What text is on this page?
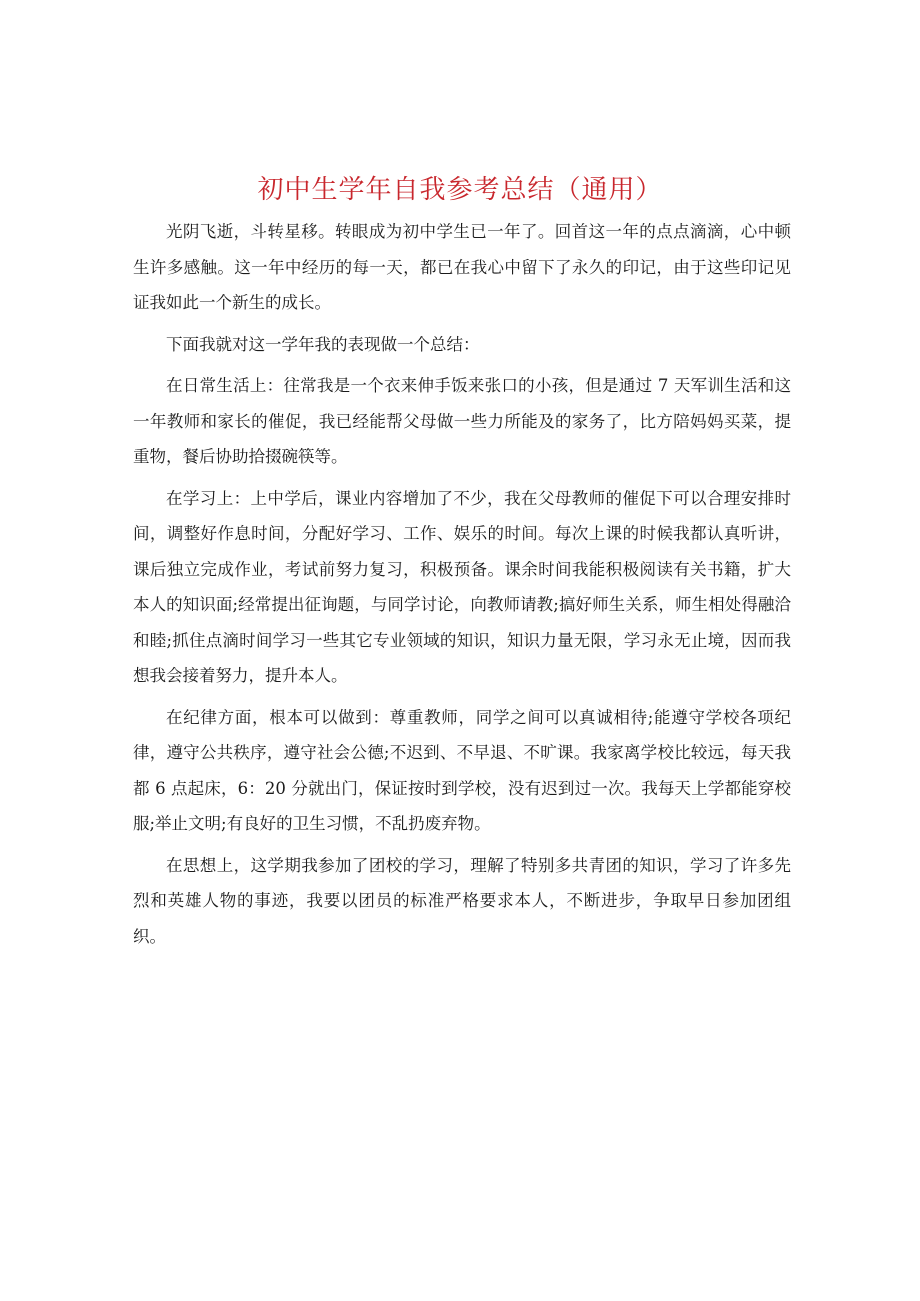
初中生学年自我参考总结（通用）

光阴飞逝，斗转星移。转眼成为初中学生已一年了。回首这一年的点点滴滴，心中顿生许多感触。这一年中经历的每一天，都已在我心中留下了永久的印记，由于这些印记见证我如此一个新生的成长。

下面我就对这一学年我的表现做一个总结：

在日常生活上：往常我是一个衣来伸手饭来张口的小孩，但是通过 7 天军训生活和这一年教师和家长的催促，我已经能帮父母做一些力所能及的家务了，比方陪妈妈买菜，提重物，餐后协助拾掇碗筷等。

在学习上：上中学后，课业内容增加了不少，我在父母教师的催促下可以合理安排时间，调整好作息时间，分配好学习、工作、娱乐的时间。每次上课的时候我都认真听讲，课后独立完成作业，考试前努力复习，积极预备。课余时间我能积极阅读有关书籍，扩大本人的知识面;经常提出征询题，与同学讨论，向教师请教;搞好师生关系，师生相处得融洽和睦;抓住点滴时间学习一些其它专业领域的知识，知识力量无限，学习永无止境，因而我想我会接着努力，提升本人。

在纪律方面，根本可以做到：尊重教师，同学之间可以真诚相待;能遵守学校各项纪律，遵守公共秩序，遵守社会公德;不迟到、不早退、不旷课。我家离学校比较远，每天我都 6 点起床，6：20 分就出门，保证按时到学校，没有迟到过一次。我每天上学都能穿校服;举止文明;有良好的卫生习惯，不乱扔废弃物。

在思想上，这学期我参加了团校的学习，理解了特别多共青团的知识，学习了许多先烈和英雄人物的事迹，我要以团员的标准严格要求本人，不断进步，争取早日参加团组织。
